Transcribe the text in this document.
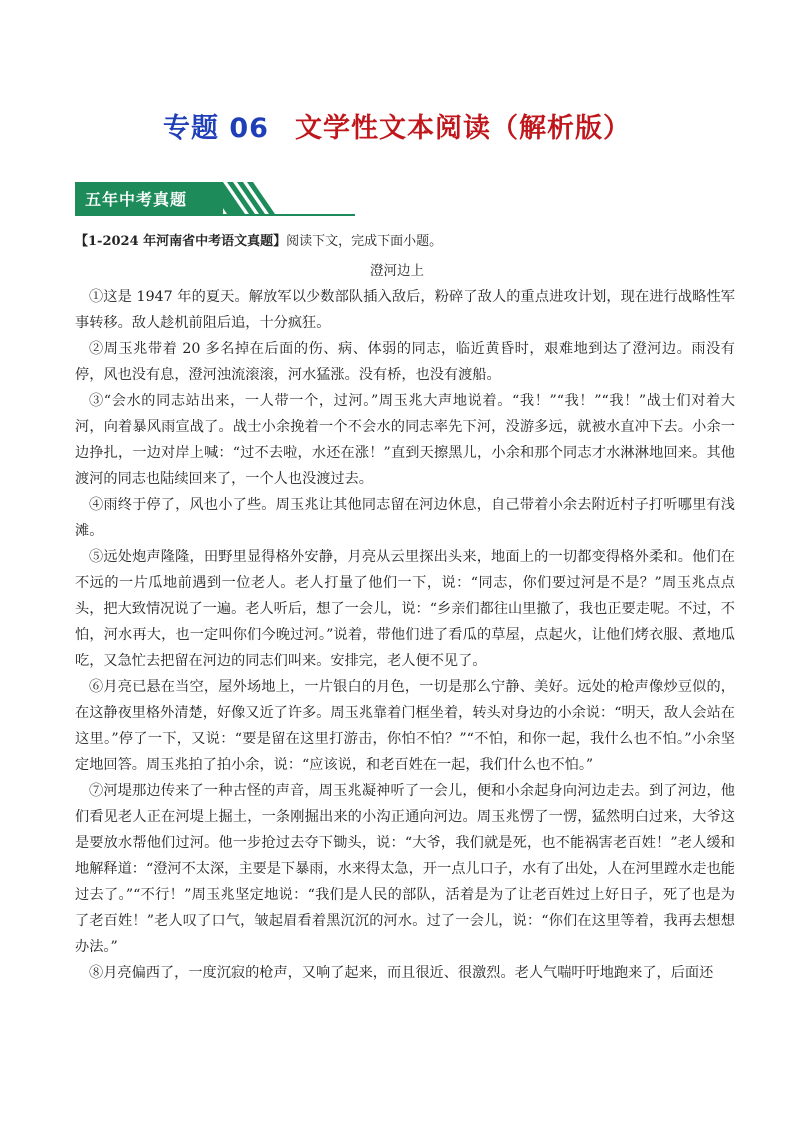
专题 06 文学性文本阅读（解析版）
五年中考真题
【1-2024 年河南省中考语文真题】阅读下文，完成下面小题。
澄河边上

①这是 1947 年的夏天。解放军以少数部队插入敌后，粉碎了敌人的重点进攻计划，现在进行战略性军事转移。敌人趁机前阻后追，十分疯狂。

②周玉兆带着 20 多名掉在后面的伤、病、体弱的同志，临近黄昏时，艰难地到达了澄河边。雨没有停，风也没有息，澄河浊流滚滚，河水猛涨。没有桥，也没有渡船。

③“会水的同志站出来，一人带一个，过河。”周玉兆大声地说着。“我！”“我！”“我！”战士们对着大河，向着暴风雨宣战了。战士小余挽着一个不会水的同志率先下河，没游多远，就被水直冲下去。小余一边挣扎，一边对岸上喊：“过不去啦，水还在涨！”直到天擦黑儿，小余和那个同志才水淋淋地回来。其他渡河的同志也陆续回来了，一个人也没渡过去。

④雨终于停了，风也小了些。周玉兆让其他同志留在河边休息，自己带着小余去附近村子打听哪里有浅滩。

⑤远处炮声隆隆，田野里显得格外安静，月亮从云里探出头来，地面上的一切都变得格外柔和。他们在不远的一片瓜地前遇到一位老人。老人打量了他们一下，说：“同志，你们要过河是不是？”周玉兆点点头，把大致情况说了一遍。老人听后，想了一会儿，说：“乡亲们都往山里撤了，我也正要走呢。不过，不怕，河水再大，也一定叫你们今晚过河。”说着，带他们进了看瓜的草屋，点起火，让他们烤衣服、煮地瓜吃，又急忙去把留在河边的同志们叫来。安排完，老人便不见了。

⑥月亮已悬在当空，屋外场地上，一片银白的月色，一切是那么宁静、美好。远处的枪声像炒豆似的，在这静夜里格外清楚，好像又近了许多。周玉兆靠着门框坐着，转头对身边的小余说：“明天，敌人会站在这里。”停了一下，又说：“要是留在这里打游击，你怕不怕？”“不怕，和你一起，我什么也不怕。”小余坚定地回答。周玉兆拍了拍小余，说：“应该说，和老百姓在一起，我们什么也不怕。”

⑦河堤那边传来了一种古怪的声音，周玉兆凝神听了一会儿，便和小余起身向河边走去。到了河边，他们看见老人正在河堤上掘土，一条刚掘出来的小沟正通向河边。周玉兆愣了一愣，猛然明白过来，大爷这是要放水帮他们过河。他一步抢过去夺下锄头，说：“大爷，我们就是死，也不能祸害老百姓！”老人缓和地解释道：“澄河不太深，主要是下暴雨，水来得太急，开一点儿口子，水有了出处，人在河里蹚水走也能过去了。”“不行！”周玉兆坚定地说：“我们是人民的部队，活着是为了让老百姓过上好日子，死了也是为了老百姓！”老人叹了口气，皱起眉看着黑沉沉的河水。过了一会儿，说：“你们在这里等着，我再去想想办法。”

⑧月亮偏西了，一度沉寂的枪声，又响了起来，而且很近、很激烈。老人气喘吁吁地跑来了，后面还
